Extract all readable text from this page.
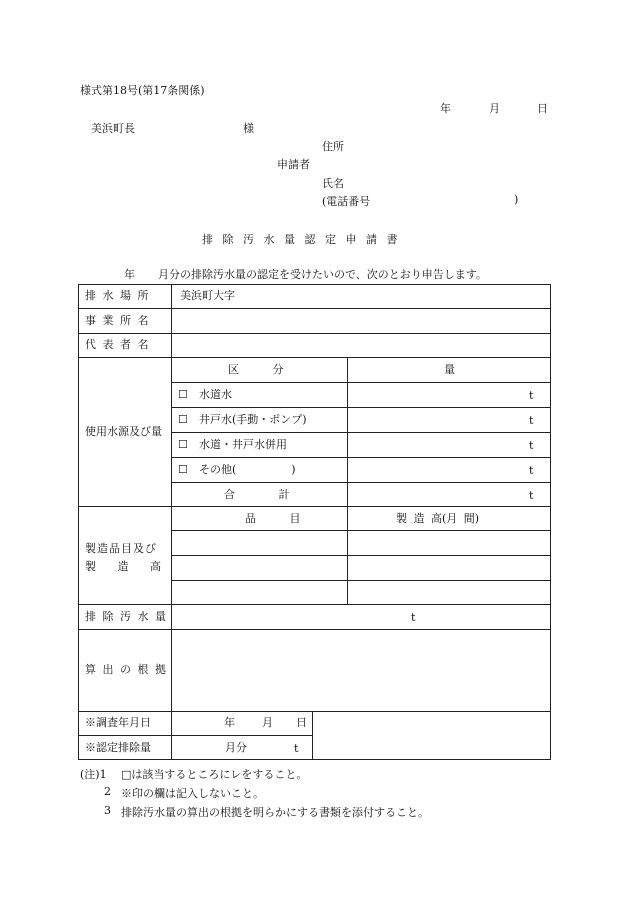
様式第18号(第17条関係)
年	月	日
美浜町長	様
住所
申請者
氏名
(電話番号	)
排 除 汚 水 量 認 定 申 請 書
年 月分の排除汚水量の認定を受けたいので、次のとおり申告します。
排 水 場 所	美浜町大字
事 業 所 名
代 表 者 名
使用水源及び量
区 分	量
☐ 水道水	t
☐ 井戸水(手動・ポンプ)	t
☐ 水道・井戸水併用	t
☐ その他(　　　　　)	t
合 計	t
製造品目及び
製 造 高
品 目	製 造 高(月 間)
排 除 汚 水 量	t
算 出 の 根 拠
※調査年月日	年 月 日
※認定排除量	月分	t
(注)1 □は該当するところにレをすること。
2 ※印の欄は記入しないこと。
3 排除汚水量の算出の根拠を明らかにする書類を添付すること。
